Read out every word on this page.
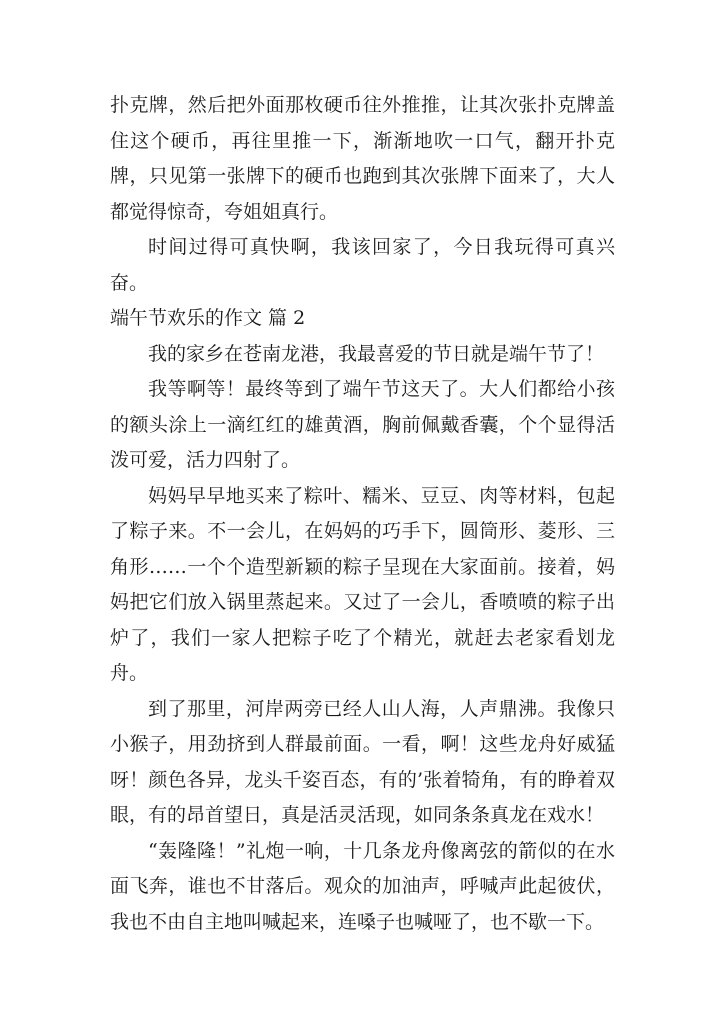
扑克牌，然后把外面那枚硬币往外推推，让其次张扑克牌盖住这个硬币，再往里推一下，渐渐地吹一口气，翻开扑克牌，只见第一张牌下的硬币也跑到其次张牌下面来了，大人都觉得惊奇，夸姐姐真行。

时间过得可真快啊，我该回家了，今日我玩得可真兴奋。

端午节欢乐的作文 篇 2

我的家乡在苍南龙港，我最喜爱的节日就是端午节了！

我等啊等！最终等到了端午节这天了。大人们都给小孩的额头涂上一滴红红的雄黄酒，胸前佩戴香囊，个个显得活泼可爱，活力四射了。

妈妈早早地买来了粽叶、糯米、豆豆、肉等材料，包起了粽子来。不一会儿，在妈妈的巧手下，圆筒形、菱形、三角形……一个个造型新颖的粽子呈现在大家面前。接着，妈妈把它们放入锅里蒸起来。又过了一会儿，香喷喷的粽子出炉了，我们一家人把粽子吃了个精光，就赶去老家看划龙舟。

到了那里，河岸两旁已经人山人海，人声鼎沸。我像只小猴子，用劲挤到人群最前面。一看，啊！这些龙舟好威猛呀！颜色各异，龙头千姿百态，有的’张着犄角，有的睁着双眼，有的昂首望日，真是活灵活现，如同条条真龙在戏水！

“轰隆隆！”礼炮一响，十几条龙舟像离弦的箭似的在水面飞奔，谁也不甘落后。观众的加油声，呼喊声此起彼伏，我也不由自主地叫喊起来，连嗓子也喊哑了，也不歇一下。
